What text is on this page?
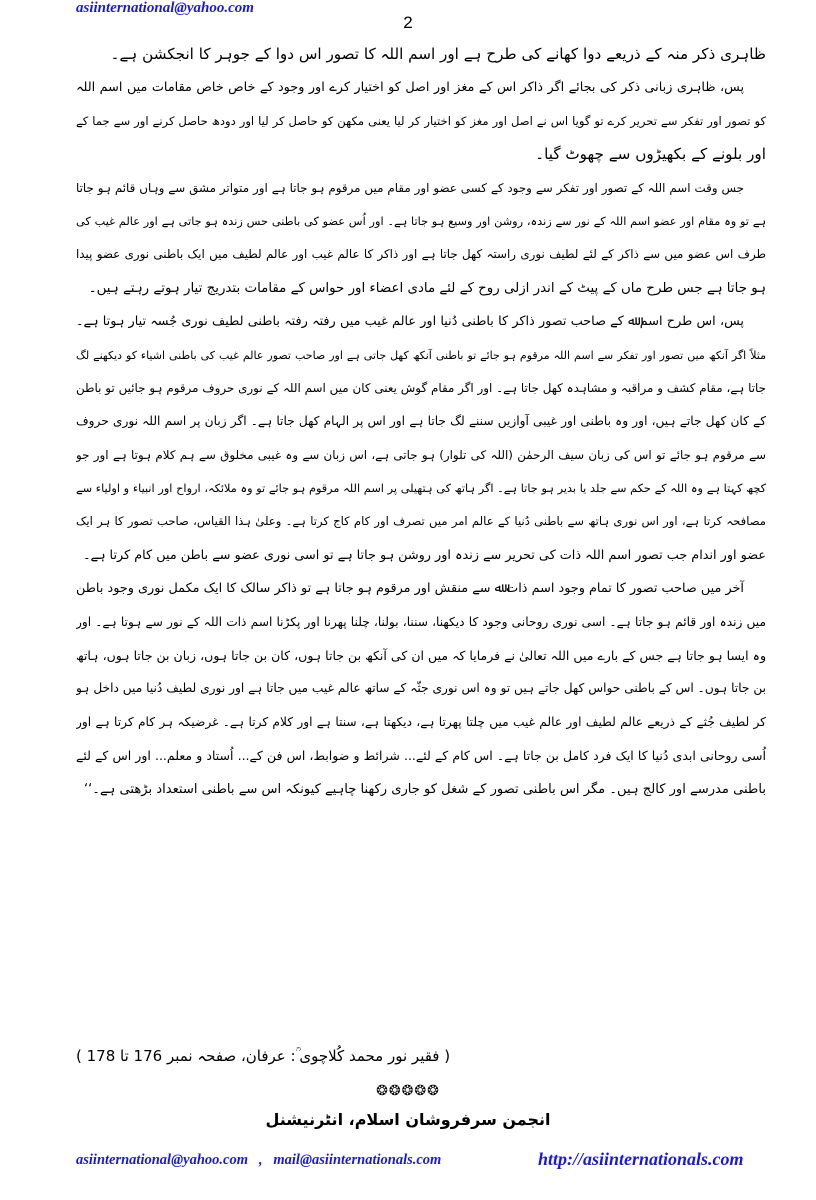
asiinternational@yahoo.com
2
ظاہری ذکر منہ کے ذریعے دوا کھانے کی طرح ہے اور اسم اللہ کا تصور اس دوا کے جوہر کا انجکشن ہے۔
پس، ظاہری زبانی ذکر کی بجائے اگر ذاکر اس کے مغز اور اصل کو اختیار کرے اور وجود کے خاص خاص مقامات میں اسم اللہ
کو تصور اور تفکر سے تحریر کرے تو گویا اس نے اصل اور مغز کو اختیار کر لیا یعنی مکھن کو حاصل کر لیا اور دودھ حاصل کرنے اور سے جما کے
اور بلونے کے بکھیڑوں سے چھوٹ گیا۔
جس وقت اسم اللہ کے تصور اور تفکر سے وجود کے کسی عضو اور مقام میں مرقوم ہو جاتا ہے اور متواتر مشق سے وہاں قائم ہو جاتا
ہے تو وہ مقام اور عضو اسم اللہ کے نور سے زندہ، روشن اور وسیع ہو جاتا ہے۔ اور اُس عضو کی باطنی حس زندہ ہو جاتی ہے اور عالم غیب کی
طرف اس عضو میں سے ذاکر کے لئے لطیف نوری راستہ کھل جاتا ہے اور ذاکر کا عالم غیب اور عالم لطیف میں ایک باطنی نوری عضو پیدا
ہو جاتا ہے جس طرح ماں کے پیٹ کے اندر ازلی روح کے لئے مادی اعضاء اور حواس کے مقامات بتدریج تیار ہوتے رہتے ہیں۔
پس، اس طرح اسم ﷲ کے صاحب تصور ذاکر کا باطنی دُنیا اور عالم غیب میں رفتہ رفتہ باطنی لطیف نوری جُسہ تیار ہوتا ہے۔
مثلاً اگر آنکھ میں تصور اور تفکر سے اسم اللہ مرقوم ہو جائے تو باطنی آنکھ کھل جاتی ہے اور صاحب تصور عالم غیب کی باطنی اشیاء کو دیکھنے لگ
جاتا ہے، مقام کشف و مراقبہ و مشاہدہ کھل جاتا ہے۔ اور اگر مقام گوش یعنی کان میں اسم اللہ کے نوری حروف مرقوم ہو جائیں تو باطن
کے کان کھل جاتے ہیں، اور وہ باطنی اور غیبی آوازیں سننے لگ جاتا ہے اور اس پر الہام کھل جاتا ہے۔ اگر زبان پر اسم اللہ نوری حروف
سے مرقوم ہو جائے تو اس کی زبان سیف الرحمٰن (اللہ کی تلوار) ہو جاتی ہے، اس زبان سے وہ غیبی مخلوق سے ہم کلام ہوتا ہے اور جو
کچھ کہتا ہے وہ اللہ کے حکم سے جلد یا بدیر ہو جاتا ہے۔ اگر ہاتھ کی ہتھیلی پر اسم اللہ مرقوم ہو جائے تو وہ ملائکہ، ارواح اور انبیاء و اولیاء سے
مصافحہ کرتا ہے، اور اس نوری ہاتھ سے باطنی دُنیا کے عالم امر میں تصرف اور کام کاج کرتا ہے۔ وعلیٰ ہذا القیاس، صاحب تصور کا ہر ایک
عضو اور اندام جب تصور اسم اللہ ذات کی تحریر سے زندہ اور روشن ہو جاتا ہے تو اسی نوری عضو سے باطن میں کام کرتا ہے۔
آخر میں صاحب تصور کا تمام وجود اسم ذات ﷲ سے منقش اور مرقوم ہو جاتا ہے تو ذاکر سالک کا ایک مکمل نوری وجود باطن
میں زندہ اور قائم ہو جاتا ہے۔ اسی نوری روحانی وجود کا دیکھنا، سننا، بولنا، چلنا پھرنا اور پکڑنا اسم ذات اللہ کے نور سے ہوتا ہے۔ اور
وہ ایسا ہو جاتا ہے جس کے بارے میں اللہ تعالیٰ نے فرمایا کہ میں ان کی آنکھ بن جاتا ہوں، کان بن جاتا ہوں، زبان بن جاتا ہوں، ہاتھ
بن جاتا ہوں۔ اس کے باطنی حواس کھل جاتے ہیں تو وہ اس نوری جثّہ کے ساتھ عالم غیب میں جاتا ہے اور نوری لطیف دُنیا میں داخل ہو
کر لطیف جُثے کے ذریعے عالم لطیف اور عالم غیب میں چلتا پھرتا ہے، دیکھتا ہے، سنتا ہے اور کلام کرتا ہے۔ غرضیکہ ہر کام کرتا ہے اور
اُسی روحانی ابدی دُنیا کا ایک فرد کامل بن جاتا ہے۔ اس کام کے لئے... شرائط و ضوابط، اس فن کے... اُستاد و معلم... اور اس کے لئے
باطنی مدرسے اور کالج ہیں۔ مگر اس باطنی تصور کے شغل کو جاری رکھنا چاہیے کیونکہ اس سے باطنی استعداد بڑھتی ہے۔‘‘
( فقیر نور محمد کُلاچوی ؒ: عرفان، صفحہ نمبر 176 تا 178 )
❂❂❂❂❂
انجمن سرفروشان اسلام، انٹرنیشنل
asiinternational@yahoo.com   ,   mail@asiinternationals.com	http://asiinternationals.com
